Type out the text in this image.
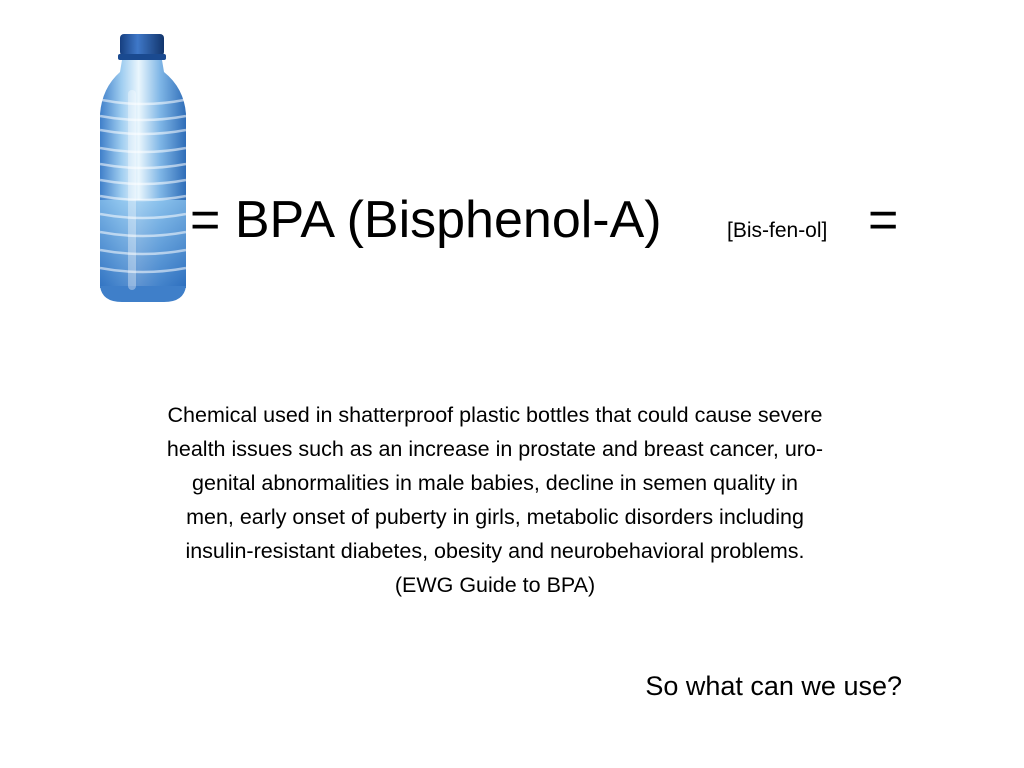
= BPA (Bisphenol-A)	[Bis-fen-ol] =
Chemical used in shatterproof plastic bottles that could cause severe
health issues such as an increase in prostate and breast cancer, uro-
genital abnormalities in male babies, decline in semen quality in
men, early onset of puberty in girls, metabolic disorders including
insulin-resistant diabetes, obesity and neurobehavioral problems.
(EWG Guide to BPA)
So what can we use?
